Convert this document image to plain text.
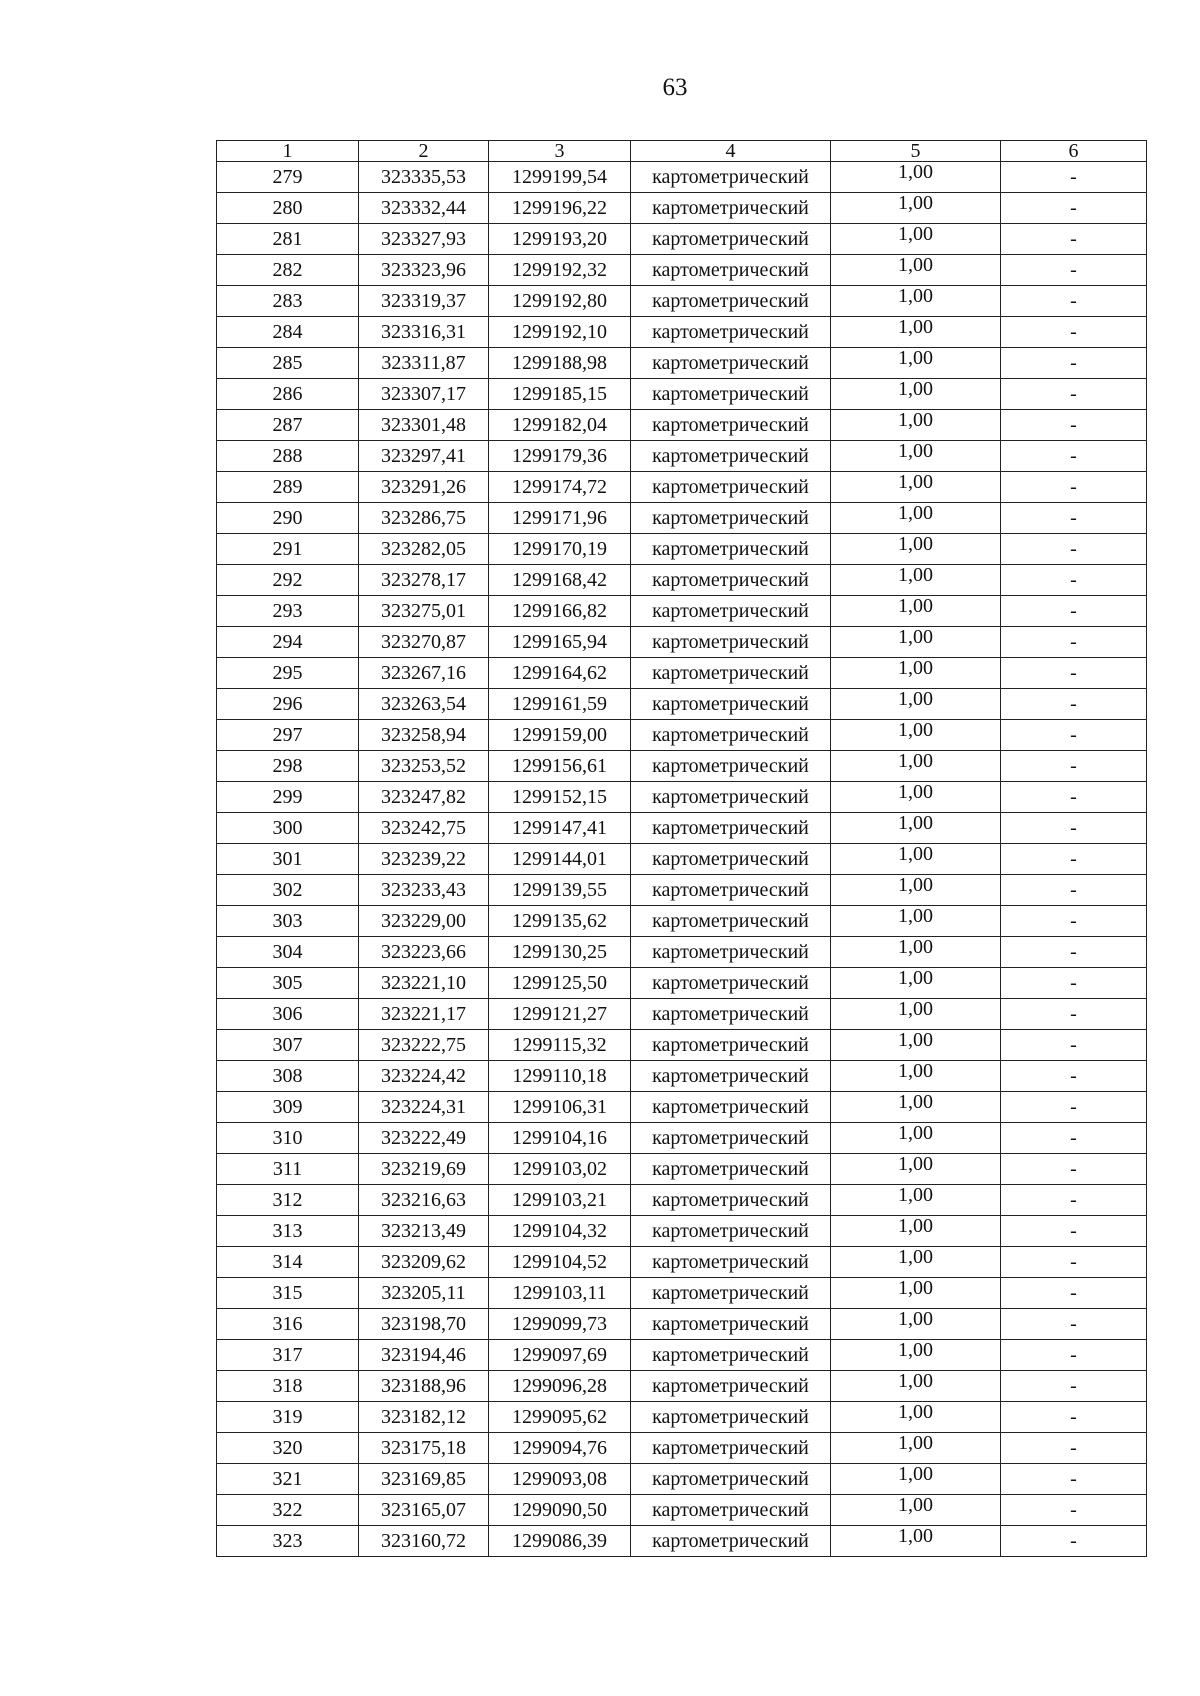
63
1	2	3	4	5	6
279	323335,53	1299199,54	картометрический	1,00	-
280	323332,44	1299196,22	картометрический	1,00	-
281	323327,93	1299193,20	картометрический	1,00	-
282	323323,96	1299192,32	картометрический	1,00	-
283	323319,37	1299192,80	картометрический	1,00	-
284	323316,31	1299192,10	картометрический	1,00	-
285	323311,87	1299188,98	картометрический	1,00	-
286	323307,17	1299185,15	картометрический	1,00	-
287	323301,48	1299182,04	картометрический	1,00	-
288	323297,41	1299179,36	картометрический	1,00	-
289	323291,26	1299174,72	картометрический	1,00	-
290	323286,75	1299171,96	картометрический	1,00	-
291	323282,05	1299170,19	картометрический	1,00	-
292	323278,17	1299168,42	картометрический	1,00	-
293	323275,01	1299166,82	картометрический	1,00	-
294	323270,87	1299165,94	картометрический	1,00	-
295	323267,16	1299164,62	картометрический	1,00	-
296	323263,54	1299161,59	картометрический	1,00	-
297	323258,94	1299159,00	картометрический	1,00	-
298	323253,52	1299156,61	картометрический	1,00	-
299	323247,82	1299152,15	картометрический	1,00	-
300	323242,75	1299147,41	картометрический	1,00	-
301	323239,22	1299144,01	картометрический	1,00	-
302	323233,43	1299139,55	картометрический	1,00	-
303	323229,00	1299135,62	картометрический	1,00	-
304	323223,66	1299130,25	картометрический	1,00	-
305	323221,10	1299125,50	картометрический	1,00	-
306	323221,17	1299121,27	картометрический	1,00	-
307	323222,75	1299115,32	картометрический	1,00	-
308	323224,42	1299110,18	картометрический	1,00	-
309	323224,31	1299106,31	картометрический	1,00	-
310	323222,49	1299104,16	картометрический	1,00	-
311	323219,69	1299103,02	картометрический	1,00	-
312	323216,63	1299103,21	картометрический	1,00	-
313	323213,49	1299104,32	картометрический	1,00	-
314	323209,62	1299104,52	картометрический	1,00	-
315	323205,11	1299103,11	картометрический	1,00	-
316	323198,70	1299099,73	картометрический	1,00	-
317	323194,46	1299097,69	картометрический	1,00	-
318	323188,96	1299096,28	картометрический	1,00	-
319	323182,12	1299095,62	картометрический	1,00	-
320	323175,18	1299094,76	картометрический	1,00	-
321	323169,85	1299093,08	картометрический	1,00	-
322	323165,07	1299090,50	картометрический	1,00	-
323	323160,72	1299086,39	картометрический	1,00	-
